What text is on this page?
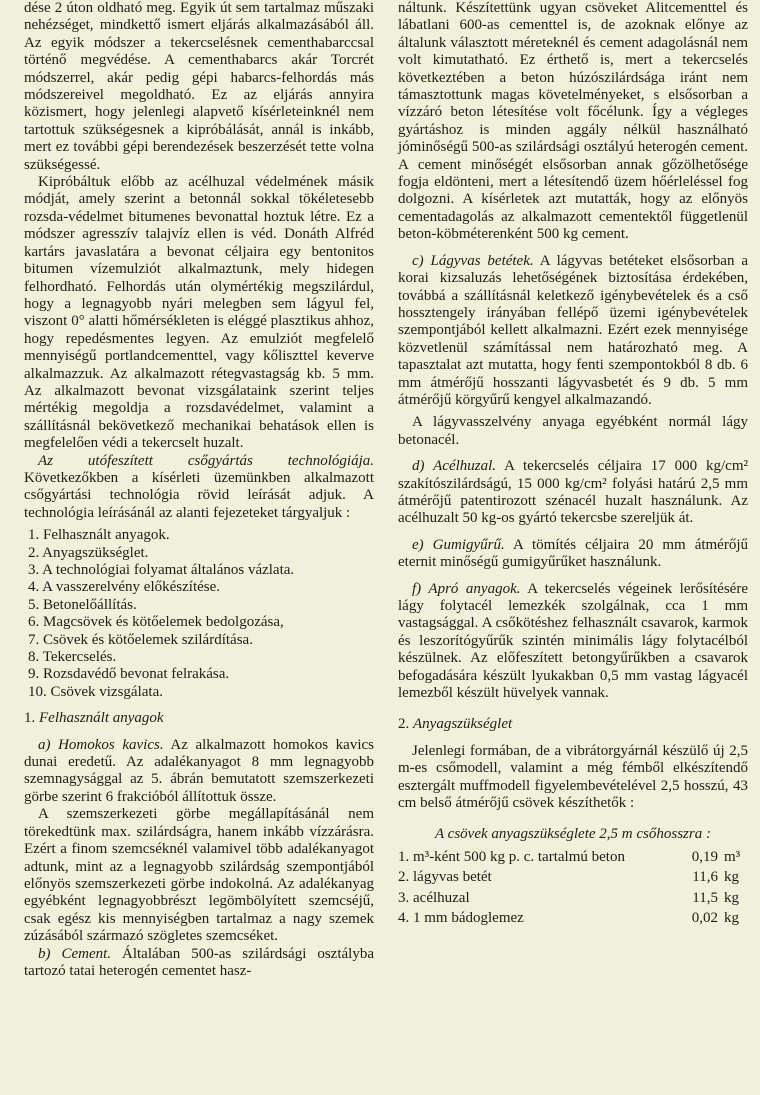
dése 2 úton oldható meg. Egyik út sem tartalmaz műszaki nehézséget, mindkettő ismert eljárás alkalmazásából áll. Az egyik módszer a tekercselésnek cementhabarccsal történő megvédése. A cementhabarcs akár Torcrét módszerrel, akár pedig gépi habarcs-felhordás más módszereivel megoldható. Ez az eljárás annyira közismert, hogy jelenlegi alapvető kísérleteinknél nem tartottuk szükségesnek a kipróbálását, annál is inkább, mert ez további gépi berendezések beszerzését tette volna szükségessé.

Kipróbáltuk előbb az acélhuzal védelmének másik módját, amely szerint a betonnál sokkal tökéletesebb rozsda-védelmet bitumenes bevonattal hoztuk létre. Ez a módszer agresszív talajvíz ellen is véd. Donáth Alfréd kartárs javaslatára a bevonat céljaira egy bentonitos bitumen vízemulziót alkalmaztunk, mely hidegen felhordható. Felhordás után olymértékig megszilárdul, hogy a legnagyobb nyári melegben sem lágyul fel, viszont 0° alatti hőmérsékleten is eléggé plasztikus ahhoz, hogy repedésmentes legyen. Az emulziót megfelelő mennyiségű portlandcementtel, vagy kőliszttel keverve alkalmazzuk. Az alkalmazott rétegvastagság kb. 5 mm. Az alkalmazott bevonat vizsgálataink szerint teljes mértékig megoldja a rozsdavédelmet, valamint a szállításnál bekövetkező mechanikai behatások ellen is megfelelően védi a tekercselt huzalt.

Az utófeszített csőgyártás technológiája. Következőkben a kísérleti üzemünkben alkalmazott csőgyártási technológia rövid leírását adjuk. A technológia leírásánál az alanti fejezeteket tárgyaljuk :

1. Felhasznált anyagok.
2. Anyagszükséglet.
3. A technológiai folyamat általános vázlata.
4. A vasszerelvény előkészítése.
5. Betonelőállítás.
6. Magcsövek és kötőelemek bedolgozása,
7. Csövek és kötőelemek szilárdítása.
8. Tekercselés.
9. Rozsdavédő bevonat felrakása.
10. Csövek vizsgálata.

1. Felhasznált anyagok

a) Homokos kavics. Az alkalmazott homokos kavics dunai eredetű. Az adalékanyagot 8 mm legnagyobb szemnagysággal az 5. ábrán bemutatott szemszerkezeti görbe szerint 6 frakcióból állítottuk össze.

A szemszerkezeti görbe megállapításánál nem törekedtünk max. szilárdságra, hanem inkább vízzárásra. Ezért a finom szemcséknél valamivel több adalékanyagot adtunk, mint az a legnagyobb szilárdság szempontjából előnyös szemszerkezeti görbe indokolná. Az adalékanyag egyébként legnagyobbrészt legömbölyített szemcséjű, csak egész kis mennyiségben tartalmaz a nagy szemek zúzásából származó szögletes szemcséket.

b) Cement. Általában 500-as szilárdsági osztályba tartozó tatai heterogén cementet hasz-

náltunk. Készítettünk ugyan csöveket Alitcementtel és lábatlani 600-as cementtel is, de azoknak előnye az általunk választott méreteknél és cement adagolásnál nem volt kimutatható. Ez érthető is, mert a tekercselés következtében a beton húzószilárdsága iránt nem támasztottunk magas követelményeket, s elsősorban a vízzáró beton létesítése volt főcélunk. Így a végleges gyártáshoz is minden aggály nélkül használható jóminőségű 500-as szilárdsági osztályú heterogén cement. A cement minőségét elsősorban annak gőzölhetősége fogja eldönteni, mert a létesítendő üzem hőérleléssel fog dolgozni. A kísérletek azt mutatták, hogy az előnyös cementadagolás az alkalmazott cementektől függetlenül beton-köbméterenként 500 kg cement.

c) Lágyvas betétek. A lágyvas betéteket elsősorban a korai kizsaluzás lehetőségének biztosítása érdekében, továbbá a szállításnál keletkező igénybevételek és a cső hossztengely irányában fellépő üzemi igénybevételek szempontjából kellett alkalmazni. Ezért ezek mennyisége közvetlenül számítással nem határozható meg. A tapasztalat azt mutatta, hogy fenti szempontokból 8 db. 6 mm átmérőjű hosszanti lágyvasbetét és 9 db. 5 mm átmérőjű körgyűrű kengyel alkalmazandó.

A lágyvasszelvény anyaga egyébként normál lágy betonacél.

d) Acélhuzal. A tekercselés céljaira 17 000 kg/cm² szakítószilárdságú, 15 000 kg/cm² folyási határú 2,5 mm átmérőjű patentirozott szénacél huzalt használunk. Az acélhuzalt 50 kg-os gyártó tekercsbe szereljük át.

e) Gumigyűrű. A tömítés céljaira 20 mm átmérőjű eternit minőségű gumigyűrűket használunk.

f) Apró anyagok. A tekercselés végeinek lerősítésére lágy folytacél lemezkék szolgálnak, cca 1 mm vastagsággal. A csőkötéshez felhasznált csavarok, karmok és leszorítógyűrűk szintén minimális lágy folytacélból készülnek. Az előfeszített betongyűrűkben a csavarok befogadására készült lyukakban 0,5 mm vastag lágyacél lemezből készült hüvelyek vannak.

2. Anyagszükséglet

Jelenlegi formában, de a vibrátorgyárnál készülő új 2,5 m-es csőmodell, valamint a még fémből elkészítendő esztergált muffmodell figyelembevételével 2,5 hosszú, 43 cm belső átmérőjű csövek készíthetők :

A csövek anyagszükséglete 2,5 m csőhosszra :

1. m³-ként 500 kg p. c. tartalmú beton	0,19	m³
2. lágyvas betét	11,6	kg
3. acélhuzal	11,5	kg
4. 1 mm bádoglemez	0,02	kg
